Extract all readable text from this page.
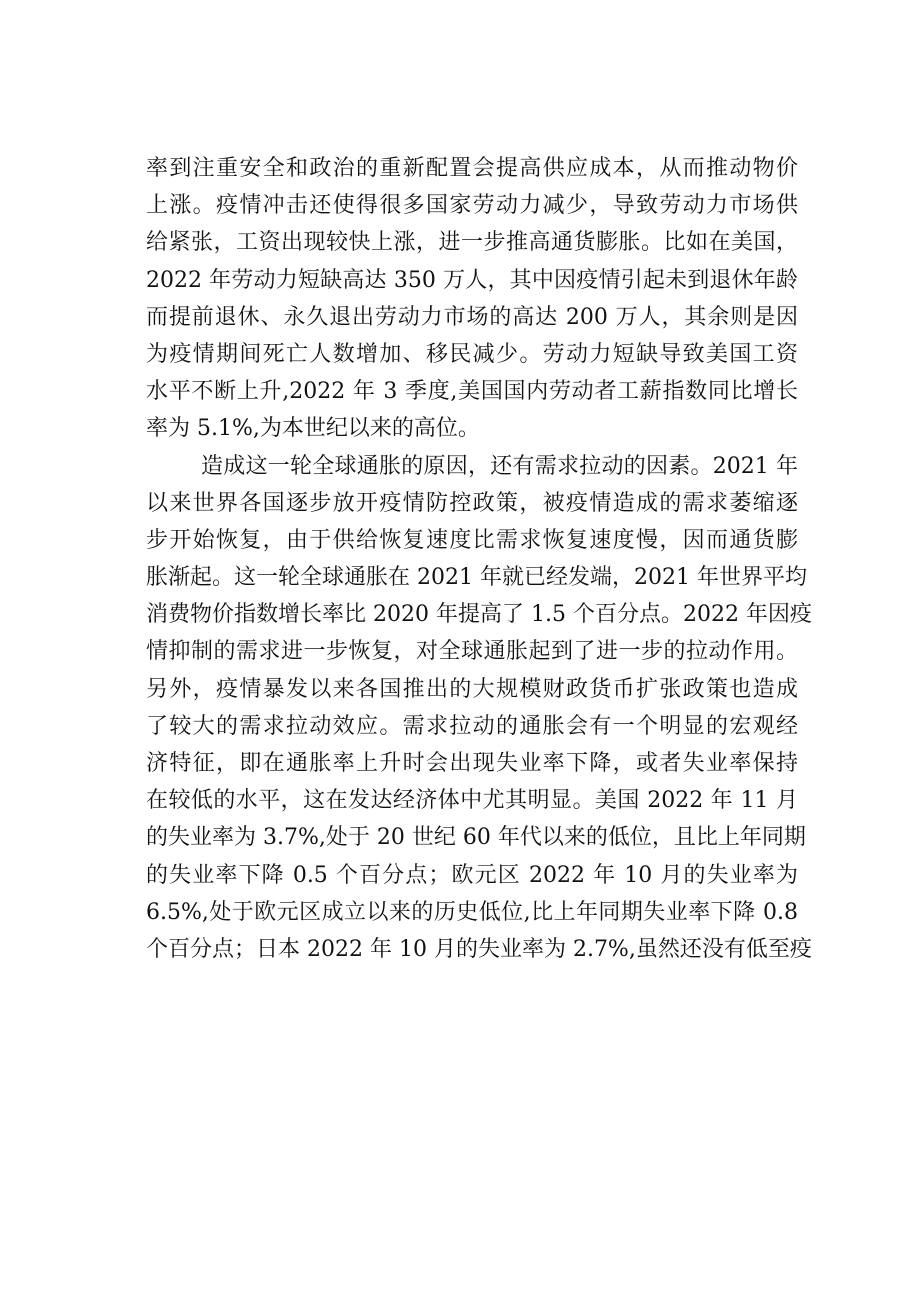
率到注重安全和政治的重新配置会提高供应成本，从而推动物价
上涨。疫情冲击还使得很多国家劳动力减少，导致劳动力市场供
给紧张，工资出现较快上涨，进一步推高通货膨胀。比如在美国，
2022 年劳动力短缺高达 350 万人，其中因疫情引起未到退休年龄
而提前退休、永久退出劳动力市场的高达 200 万人，其余则是因
为疫情期间死亡人数增加、移民减少。劳动力短缺导致美国工资
水平不断上升,2022 年 3 季度,美国国内劳动者工薪指数同比增长
率为 5.1%,为本世纪以来的高位。
造成这一轮全球通胀的原因，还有需求拉动的因素。2021 年
以来世界各国逐步放开疫情防控政策，被疫情造成的需求萎缩逐
步开始恢复，由于供给恢复速度比需求恢复速度慢，因而通货膨
胀渐起。这一轮全球通胀在 2021 年就已经发端，2021 年世界平均
消费物价指数增长率比 2020 年提高了 1.5 个百分点。2022 年因疫
情抑制的需求进一步恢复，对全球通胀起到了进一步的拉动作用。
另外，疫情暴发以来各国推出的大规模财政货币扩张政策也造成
了较大的需求拉动效应。需求拉动的通胀会有一个明显的宏观经
济特征，即在通胀率上升时会出现失业率下降，或者失业率保持
在较低的水平，这在发达经济体中尤其明显。美国 2022 年 11 月
的失业率为 3.7%,处于 20 世纪 60 年代以来的低位，且比上年同期
的失业率下降 0.5 个百分点；欧元区 2022 年 10 月的失业率为
6.5%,处于欧元区成立以来的历史低位,比上年同期失业率下降 0.8
个百分点；日本 2022 年 10 月的失业率为 2.7%,虽然还没有低至疫
